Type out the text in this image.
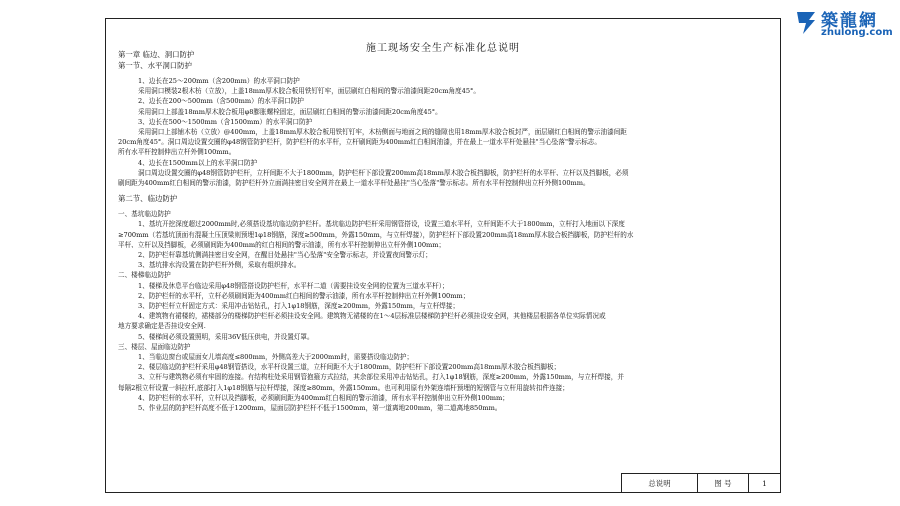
築龍網
zhulong.com
施工现场安全生产标准化总说明

第一章 临边、洞口防护

第一节、水平洞口防护

1、边长在25～200mm（含200mm）的水平洞口防护

采用洞口模装2根木枋（立放），上盖18mm厚木胶合板用铁钉钉牢，面层刷红白相间的警示油漆间距20cm角度45°。

2、边长在200～500mm（含500mm）的水平洞口防护

采用洞口上部盖18mm厚木胶合板用φ8膨胀螺栓固定，面层刷红白相间的警示油漆间距20cm角度45°。

3、边长在500～1500mm（含1500mm）的水平洞口防护

采用洞口上部铺木枋（立放）@400mm，上盖18mm厚木胶合板用铁钉钉牢，木枋侧面与地面之间的缝隙也用18mm厚木胶合板封严，面层刷红白相间的警示油漆间距

20cm角度45°。洞口周边设置交圈的φ48钢管防护栏杆，防护栏杆的水平杆，立杆刷间距为400mm红白相间油漆，并在最上一道水平杆处悬挂"当心坠落"警示标志。

所有水平杆控制伸出立杆外侧100mm。

4、边长在1500mm以上的水平洞口防护

洞口周边设置交圈的φ48钢管防护栏杆，立杆间距不大于1800mm，防护栏杆下部设置200mm高18mm厚木胶合板挡脚板，防护栏杆的水平杆、立杆以及挡脚板，必须

刷间距为400mm红白相间的警示油漆，防护栏杆外立面满挂密目安全网并在最上一道水平杆处悬挂"当心坠落"警示标志。所有水平杆控制伸出立杆外侧100mm。

第二节、临边防护

一、基坑临边防护

1、基坑开挖深度超过2000mm时,必须搭设基坑临边防护栏杆。基坑临边防护栏杆采用钢管搭设，设置三道水平杆，立杆间距不大于1800mm，立杆打入地面以下深度

≥700mm（若基坑顶面有混凝土压顶梁则预埋1φ18钢筋，深度≥500mm，外露150mm，与立杆焊接），防护栏杆下部设置200mm高18mm厚木胶合板挡脚板，防护栏杆的水

平杆、立杆以及挡脚板，必须刷间距为400mm的红白相间的警示油漆，所有水平杆控制伸出立杆外侧100mm；

2、防护栏杆靠基坑侧满挂密目安全网，在醒目处悬挂"当心坠落"安全警示标志，并设置夜间警示灯；

3、基坑排水沟设置在防护栏杆外侧，采取有组织排水。

二、楼梯临边防护

1、楼梯及休息平台临边采用φ48钢管搭设防护栏杆，水平杆二道（需要挂设安全网的位置为三道水平杆）；

2、防护栏杆的水平杆，立杆必须刷间距为400mm红白相间的警示油漆，所有水平杆控制伸出立杆外侧100mm；

3、防护栏杆立杆固定方式：采用冲击钻钻孔，打入1φ18钢筋，深度≥200mm，外露150mm，与立杆焊接；

4、建筑物有裙楼的，裙楼部分的楼梯防护栏杆必须挂设安全网。建筑物无裙楼的在1～4层标准层楼梯防护栏杆必须挂设安全网，其他楼层根据各单位实际情况或

地方要求确定是否挂设安全网.

5、楼梯间必须设置照明，采用36V低压供电，并设置灯罩。

三、楼层、屋面临边防护

1、当临边窗台或屋面女儿墙高度≤800mm，外侧高差大于2000mm时，需要搭设临边防护；

2、楼层临边防护栏杆采用φ48钢管搭设，水平杆设置三道，立杆间距不大于1800mm，防护栏杆下部设置200mm高18mm厚木胶合板挡脚板；

3、立杆与建筑物必须有牢固的连接。有结构柱处采用钢管抱箍方式拉结，其余部位采用冲击钻钻孔，打入1φ18钢筋，深度≥200mm，外露150mm，与立杆焊接，并

每隔2根立杆设置一斜拉杆,底部打入1φ18钢筋与拉杆焊接，深度≥80mm，外露150mm。也可利用原有外架连墙杆预埋的短钢管与立杆用旋转扣件连接；

4、防护栏杆的水平杆，立杆以及挡脚板，必须刷间距为400mm红白相间的警示油漆，所有水平杆控制伸出立杆外侧100mm；

5、作业层的防护栏杆高度不低于1200mm，屋面层防护栏杆不低于1500mm，第一道离地200mm，第二道离地850mm。

总说明	图 号	1
